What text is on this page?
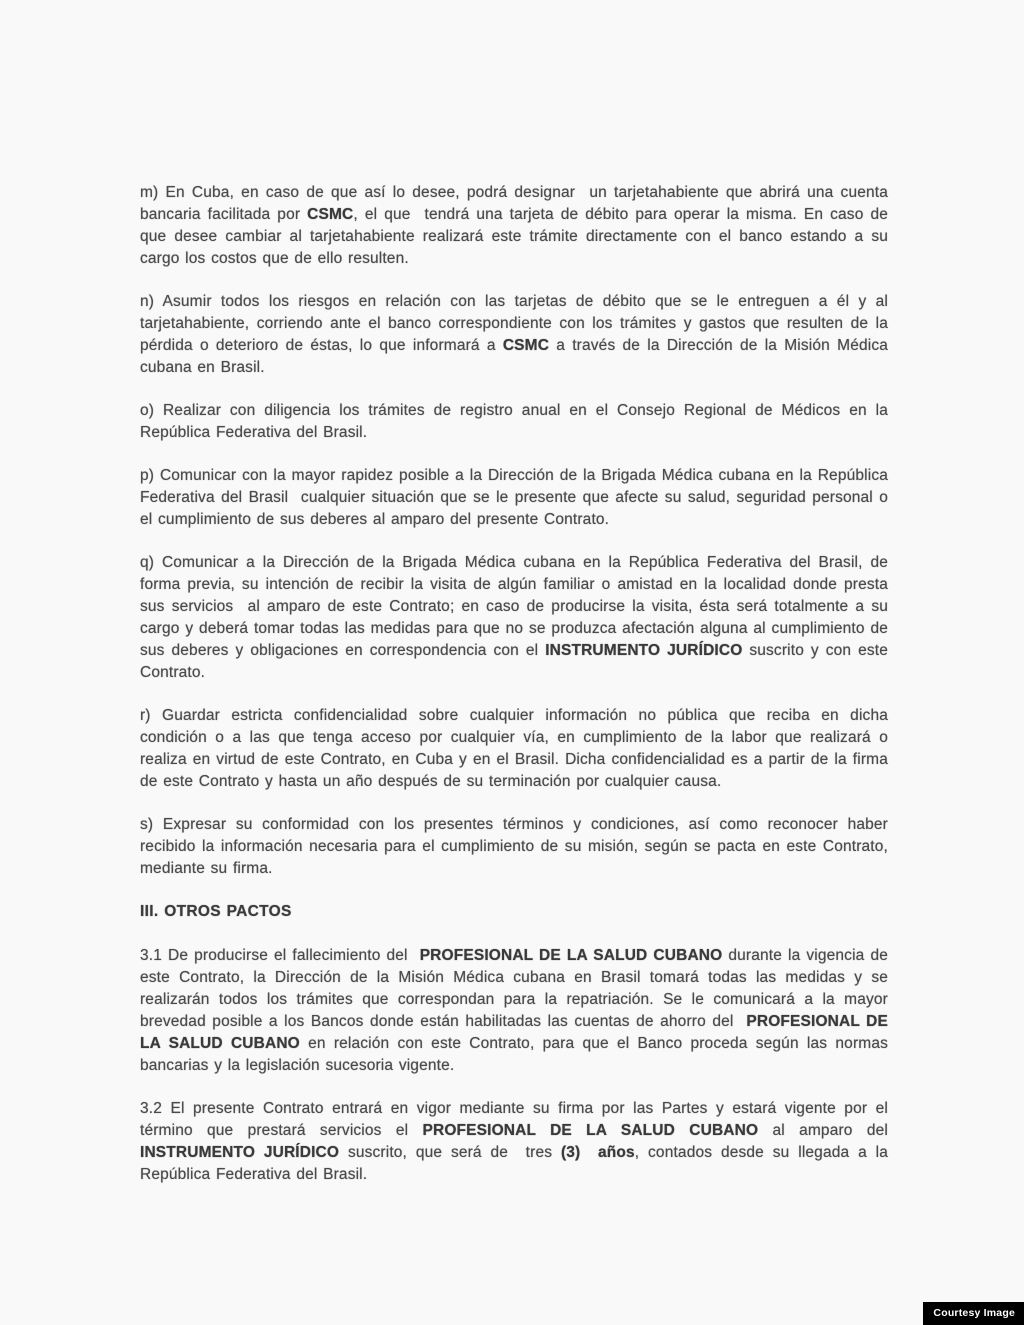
m) En Cuba, en caso de que así lo desee, podrá designar  un tarjetahabiente que abrirá una cuenta bancaria facilitada por CSMC, el que  tendrá una tarjeta de débito para operar la misma. En caso de que desee cambiar al tarjetahabiente realizará este trámite directamente con el banco estando a su cargo los costos que de ello resulten.

n) Asumir todos los riesgos en relación con las tarjetas de débito que se le entreguen a él y al tarjetahabiente, corriendo ante el banco correspondiente con los trámites y gastos que resulten de la pérdida o deterioro de éstas, lo que informará a CSMC a través de la Dirección de la Misión Médica cubana en Brasil.

o) Realizar con diligencia los trámites de registro anual en el Consejo Regional de Médicos en la República Federativa del Brasil.

p) Comunicar con la mayor rapidez posible a la Dirección de la Brigada Médica cubana en la República Federativa del Brasil  cualquier situación que se le presente que afecte su salud, seguridad personal o el cumplimiento de sus deberes al amparo del presente Contrato.

q) Comunicar a la Dirección de la Brigada Médica cubana en la República Federativa del Brasil, de forma previa, su intención de recibir la visita de algún familiar o amistad en la localidad donde presta sus servicios  al amparo de este Contrato; en caso de producirse la visita, ésta será totalmente a su cargo y deberá tomar todas las medidas para que no se produzca afectación alguna al cumplimiento de sus deberes y obligaciones en correspondencia con el INSTRUMENTO JURÍDICO suscrito y con este Contrato.

r) Guardar estricta confidencialidad sobre cualquier información no pública que reciba en dicha condición o a las que tenga acceso por cualquier vía, en cumplimiento de la labor que realizará o realiza en virtud de este Contrato, en Cuba y en el Brasil. Dicha confidencialidad es a partir de la firma de este Contrato y hasta un año después de su terminación por cualquier causa.

s) Expresar su conformidad con los presentes términos y condiciones, así como reconocer haber recibido la información necesaria para el cumplimiento de su misión, según se pacta en este Contrato, mediante su firma.

III. OTROS PACTOS

3.1 De producirse el fallecimiento del  PROFESIONAL DE LA SALUD CUBANO durante la vigencia de este Contrato, la Dirección de la Misión Médica cubana en Brasil tomará todas las medidas y se realizarán todos los trámites que correspondan para la repatriación. Se le comunicará a la mayor brevedad posible a los Bancos donde están habilitadas las cuentas de ahorro del  PROFESIONAL DE LA SALUD CUBANO en relación con este Contrato, para que el Banco proceda según las normas bancarias y la legislación sucesoria vigente.

3.2 El presente Contrato entrará en vigor mediante su firma por las Partes y estará vigente por el término que prestará servicios el PROFESIONAL DE LA SALUD CUBANO al amparo del INSTRUMENTO JURÍDICO suscrito, que será de  tres (3)  años, contados desde su llegada a la República Federativa del Brasil.

Courtesy Image
